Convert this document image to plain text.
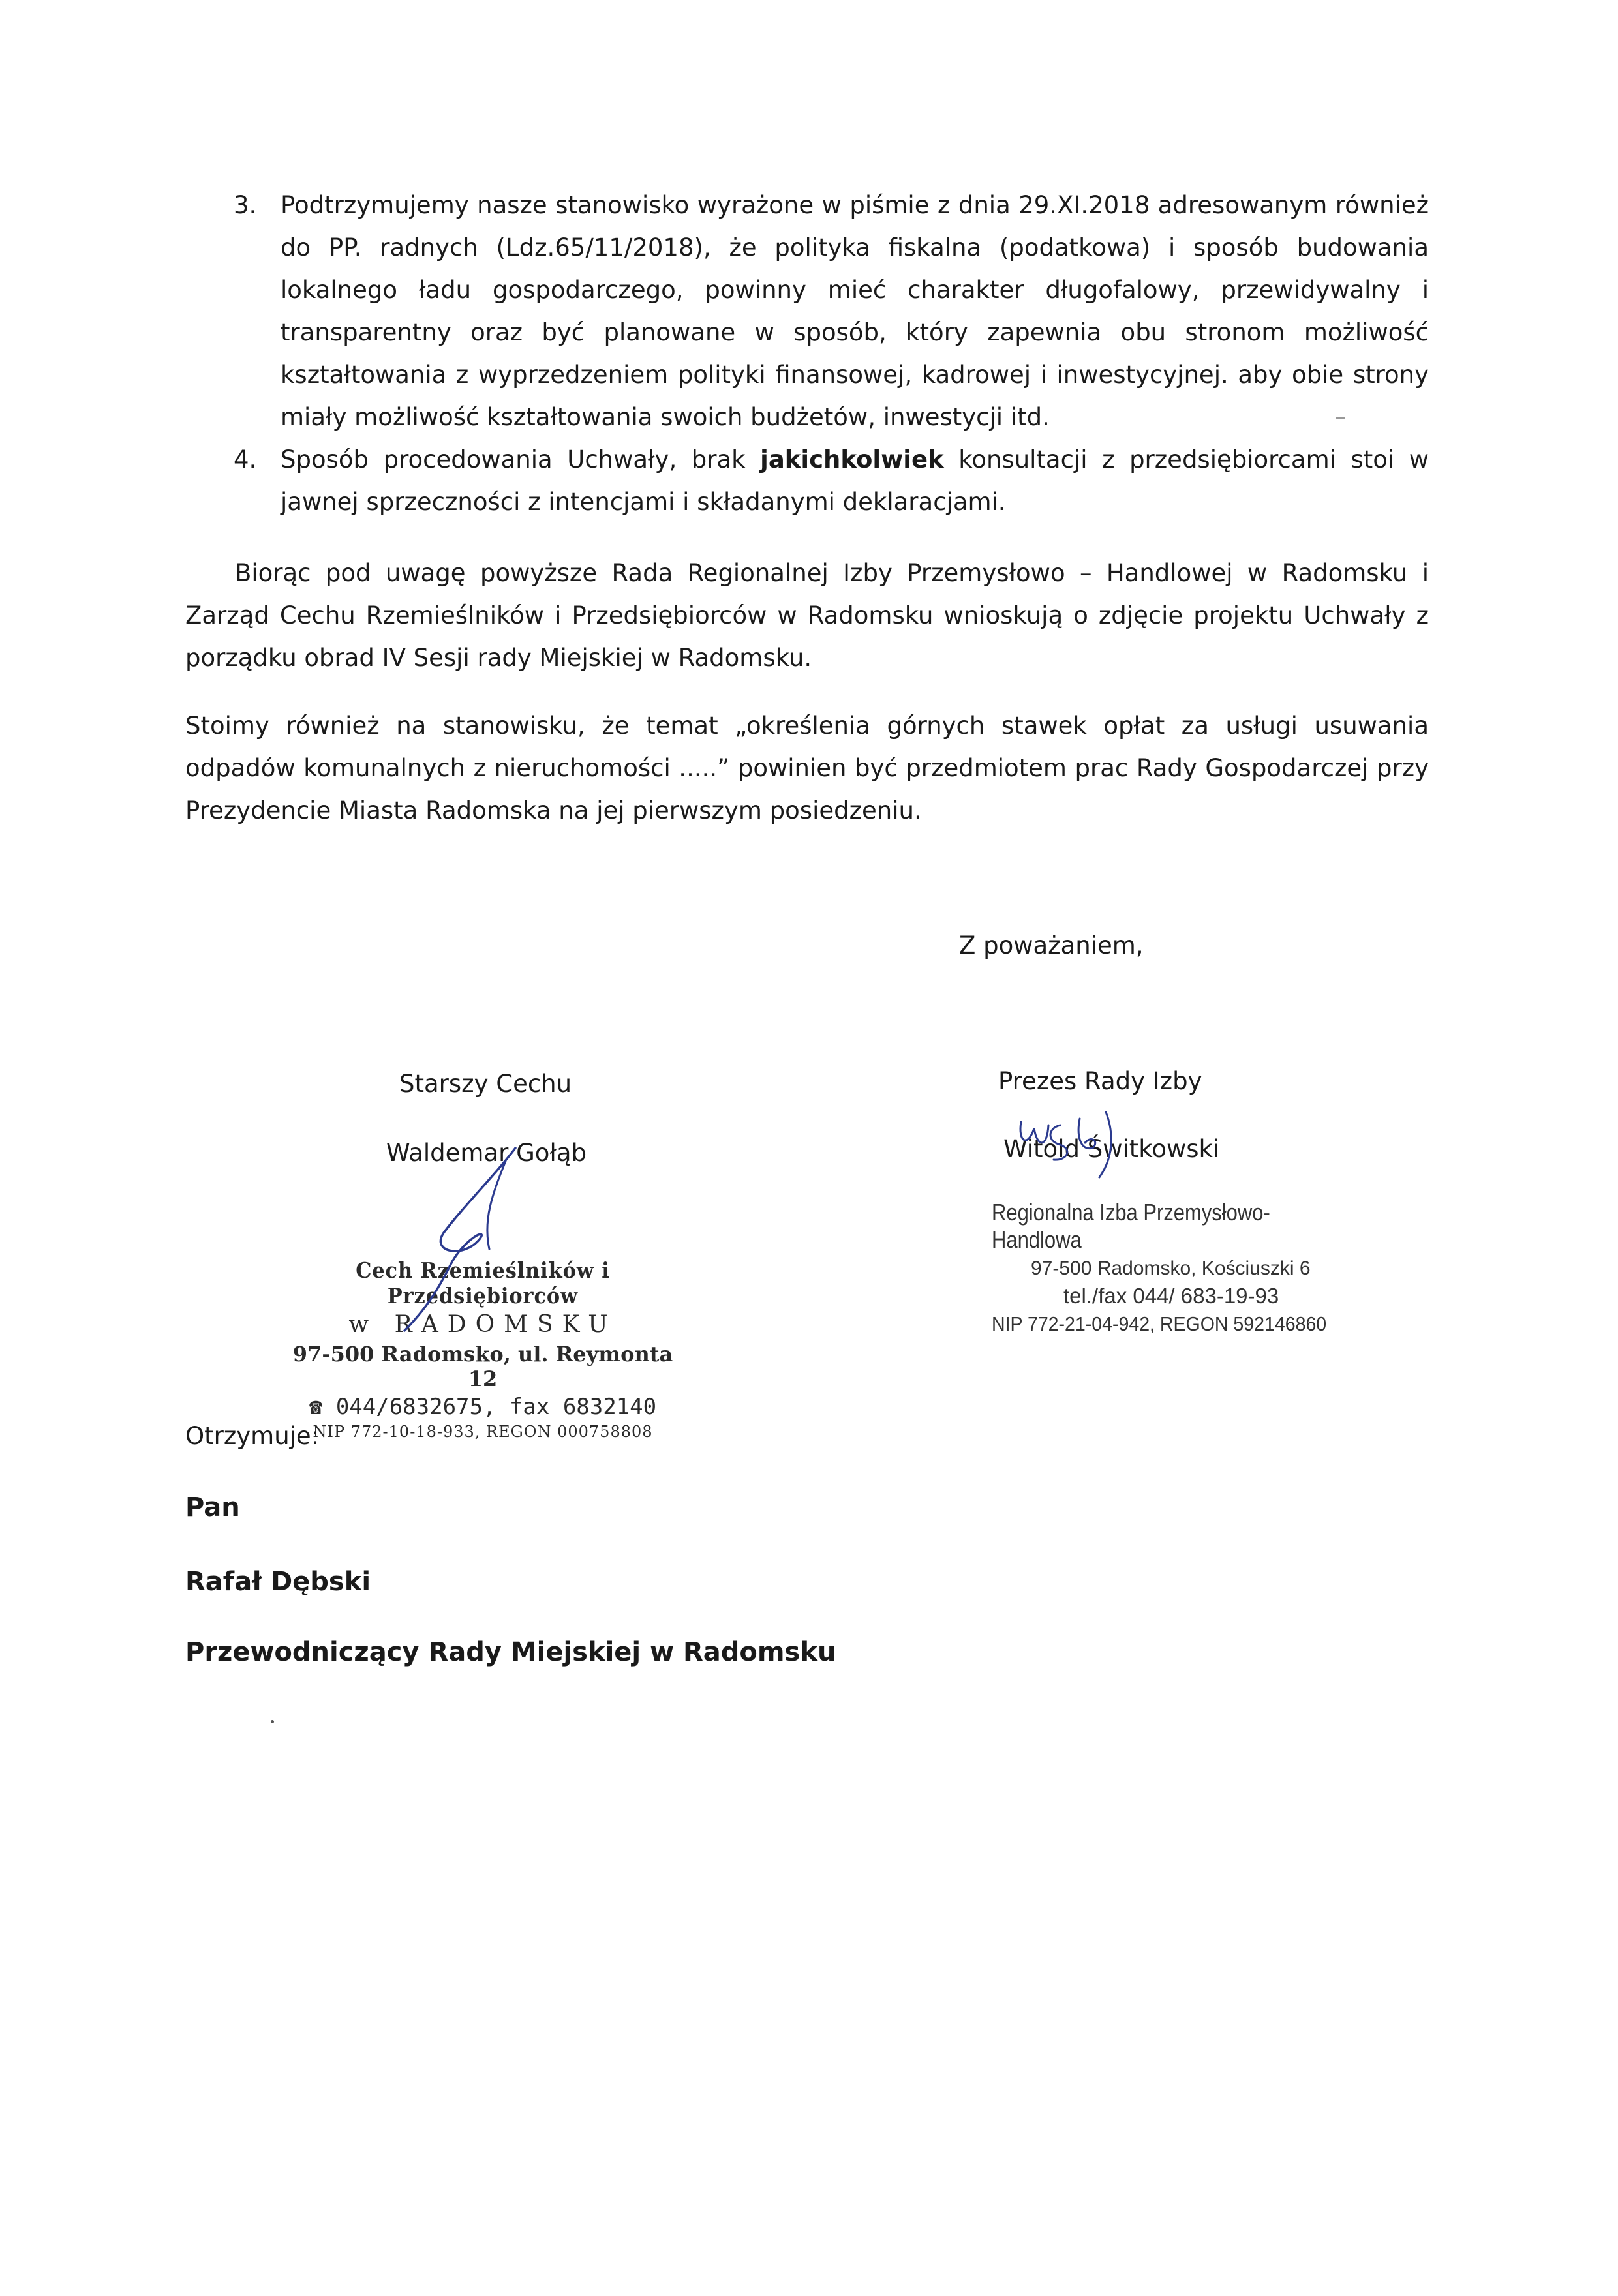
3. Podtrzymujemy nasze stanowisko wyrażone w piśmie z dnia 29.XI.2018 adresowanym również do PP. radnych (Ldz.65/11/2018), że polityka fiskalna (podatkowa) i sposób budowania lokalnego ładu gospodarczego, powinny mieć charakter długofalowy, przewidywalny i transparentny oraz być planowane w sposób, który zapewnia obu stronom możliwość kształtowania z wyprzedzeniem polityki finansowej, kadrowej i inwestycyjnej. aby obie strony miały możliwość kształtowania swoich budżetów, inwestycji itd.
4. Sposób procedowania Uchwały, brak jakichkolwiek konsultacji z przedsiębiorcami stoi w jawnej sprzeczności z intencjami i składanymi deklaracjami.
Biorąc pod uwagę powyższe Rada Regionalnej Izby Przemysłowo – Handlowej w Radomsku i Zarząd Cechu Rzemieślników i Przedsiębiorców w Radomsku wnioskują o zdjęcie projektu Uchwały z porządku obrad IV Sesji rady Miejskiej w Radomsku.
Stoimy również na stanowisku, że temat „określenia górnych stawek opłat za usługi usuwania odpadów komunalnych z nieruchomości .....” powinien być przedmiotem prac Rady Gospodarczej przy Prezydencie Miasta Radomska na jej pierwszym posiedzeniu.
Z poważaniem,
Starszy Cechu
Waldemar Gołąb
Cech Rzemieślników i Przedsiębiorców
w RADOMSKU
97-500 Radomsko, ul. Reymonta 12
☎ 044/6832675, fax 6832140
NIP 772-10-18-933, REGON 000758808
Prezes Rady Izby
Witold Świtkowski
Regionalna Izba Przemysłowo-Handlowa
97-500 Radomsko, Kościuszki 6
tel./fax 044/ 683-19-93
NIP 772-21-04-942, REGON 592146860
Otrzymuje:
Pan
Rafał Dębski
Przewodniczący Rady Miejskiej w Radomsku
